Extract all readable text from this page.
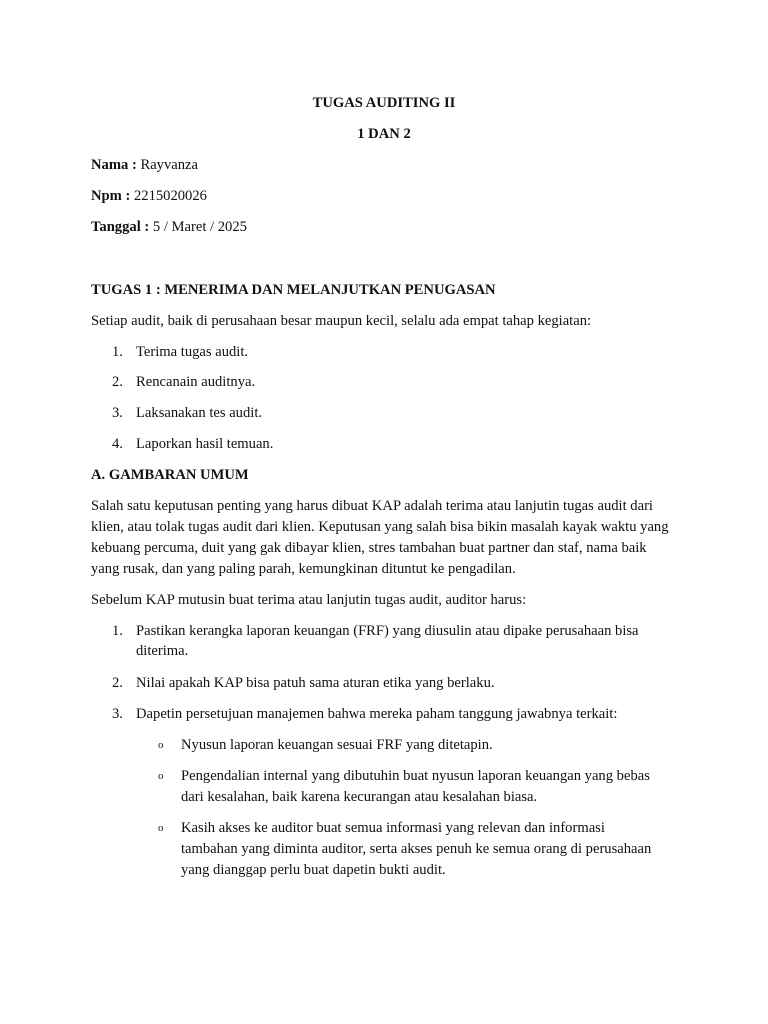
TUGAS AUDITING II
1 DAN 2
Nama : Rayvanza
Npm : 2215020026
Tanggal : 5 / Maret / 2025
TUGAS 1 : MENERIMA DAN MELANJUTKAN PENUGASAN
Setiap audit, baik di perusahaan besar maupun kecil, selalu ada empat tahap kegiatan:
1. Terima tugas audit.
2. Rencanain auditnya.
3. Laksanakan tes audit.
4. Laporkan hasil temuan.
A. GAMBARAN UMUM
Salah satu keputusan penting yang harus dibuat KAP adalah terima atau lanjutin tugas audit dari
klien, atau tolak tugas audit dari klien. Keputusan yang salah bisa bikin masalah kayak waktu yang
kebuang percuma, duit yang gak dibayar klien, stres tambahan buat partner dan staf, nama baik
yang rusak, dan yang paling parah, kemungkinan dituntut ke pengadilan.
Sebelum KAP mutusin buat terima atau lanjutin tugas audit, auditor harus:
1. Pastikan kerangka laporan keuangan (FRF) yang diusulin atau dipake perusahaan bisa
diterima.
2. Nilai apakah KAP bisa patuh sama aturan etika yang berlaku.
3. Dapetin persetujuan manajemen bahwa mereka paham tanggung jawabnya terkait:
o Nyusun laporan keuangan sesuai FRF yang ditetapin.
o Pengendalian internal yang dibutuhin buat nyusun laporan keuangan yang bebas
dari kesalahan, baik karena kecurangan atau kesalahan biasa.
o Kasih akses ke auditor buat semua informasi yang relevan dan informasi
tambahan yang diminta auditor, serta akses penuh ke semua orang di perusahaan
yang dianggap perlu buat dapetin bukti audit.
